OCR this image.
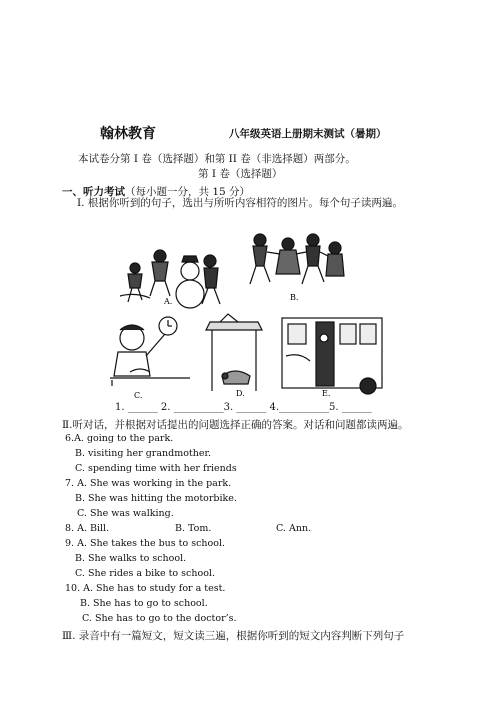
翰林教育	八年级英语上册期末测试（暑期）
本试卷分第 I 卷（选择题）和第 II 卷（非选择题）两部分。
第 I 卷（选择题）
一、听力考试（每小题一分，共 15 分）
Ⅰ. 根据你听到的句子，选出与所听内容相符的图片。每个句子读两遍。
A.	B.
C.	D.	E.
1. ______ 2. __________3. ______ 4.__________5. ______
Ⅱ.听对话，并根据对话提出的问题选择正确的答案。对话和问题都读两遍。
6.A. going to the park.
B. visiting her grandmother.
C. spending time with her friends
7. A. She was working in the park.
B. She was hitting the motorbike.
C. She was walking.
8. A. Bill.	B. Tom.	C. Ann.
9. A. She takes the bus to school.
B. She walks to school.
C. She rides a bike to school.
10. A. She has to study for a test.
B. She has to go to school.
C. She has to go to the doctor’s.
Ⅲ. 录音中有一篇短文，短文读三遍，根据你听到的短文内容判断下列句子
